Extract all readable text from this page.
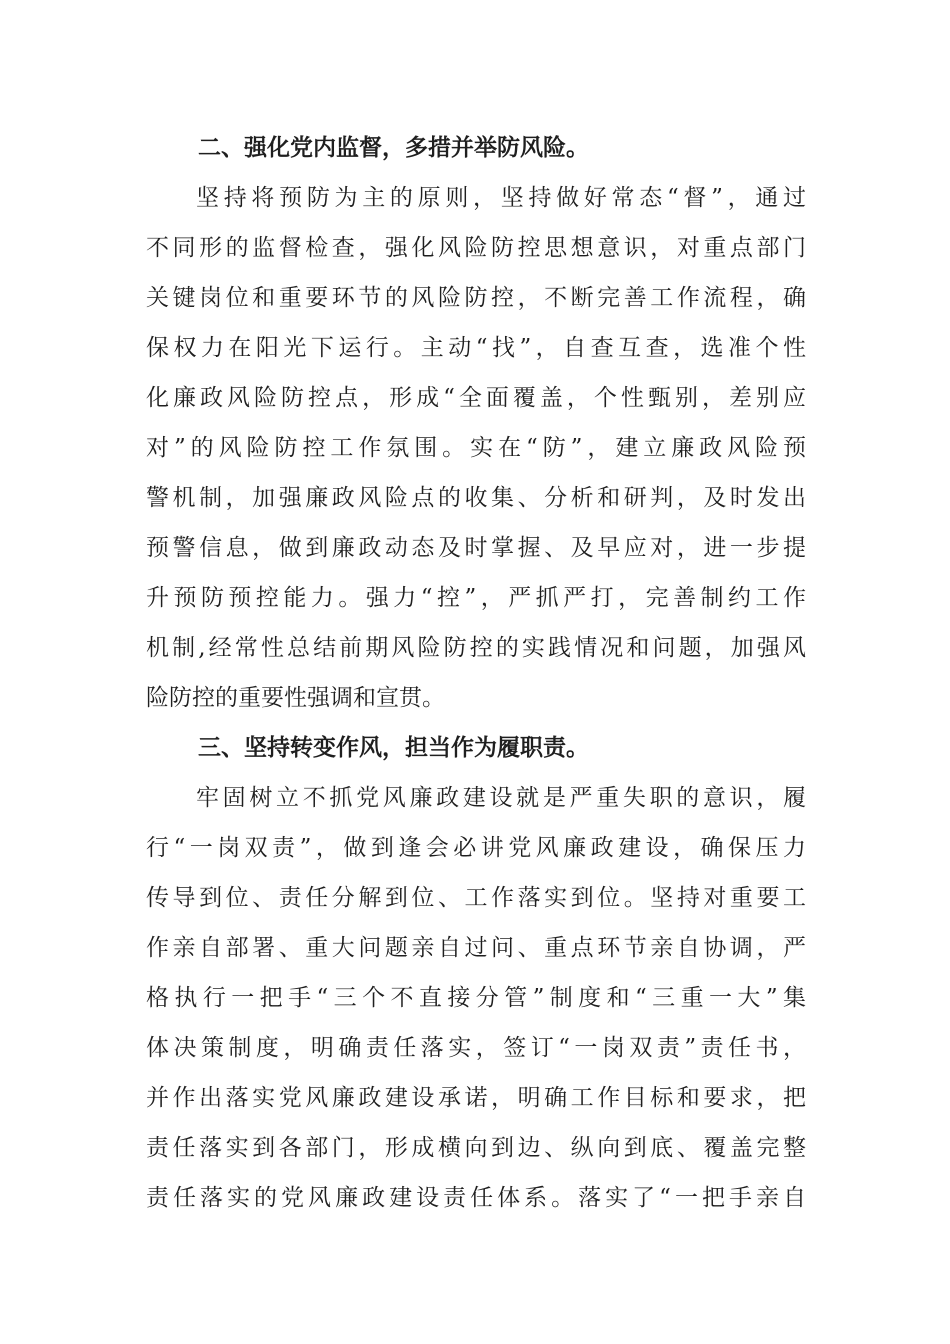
二、强化党内监督，多措并举防风险。
坚持将预防为主的原则，坚持做好常态“督”，通过
不同形的监督检查，强化风险防控思想意识，对重点部门
关键岗位和重要环节的风险防控，不断完善工作流程，确
保权力在阳光下运行。主动“找”，自查互查，选准个性
化廉政风险防控点，形成“全面覆盖，个性甄别，差别应
对”的风险防控工作氛围。实在“防”，建立廉政风险预
警机制，加强廉政风险点的收集、分析和研判，及时发出
预警信息，做到廉政动态及时掌握、及早应对，进一步提
升预防预控能力。强力“控”，严抓严打，完善制约工作
机制,经常性总结前期风险防控的实践情况和问题，加强风
险防控的重要性强调和宣贯。
三、坚持转变作风，担当作为履职责。
牢固树立不抓党风廉政建设就是严重失职的意识，履
行“一岗双责”，做到逢会必讲党风廉政建设，确保压力
传导到位、责任分解到位、工作落实到位。坚持对重要工
作亲自部署、重大问题亲自过问、重点环节亲自协调，严
格执行一把手“三个不直接分管”制度和“三重一大”集
体决策制度，明确责任落实，签订“一岗双责”责任书，
并作出落实党风廉政建设承诺，明确工作目标和要求，把
责任落实到各部门，形成横向到边、纵向到底、覆盖完整
责任落实的党风廉政建设责任体系。落实了“一把手亲自
